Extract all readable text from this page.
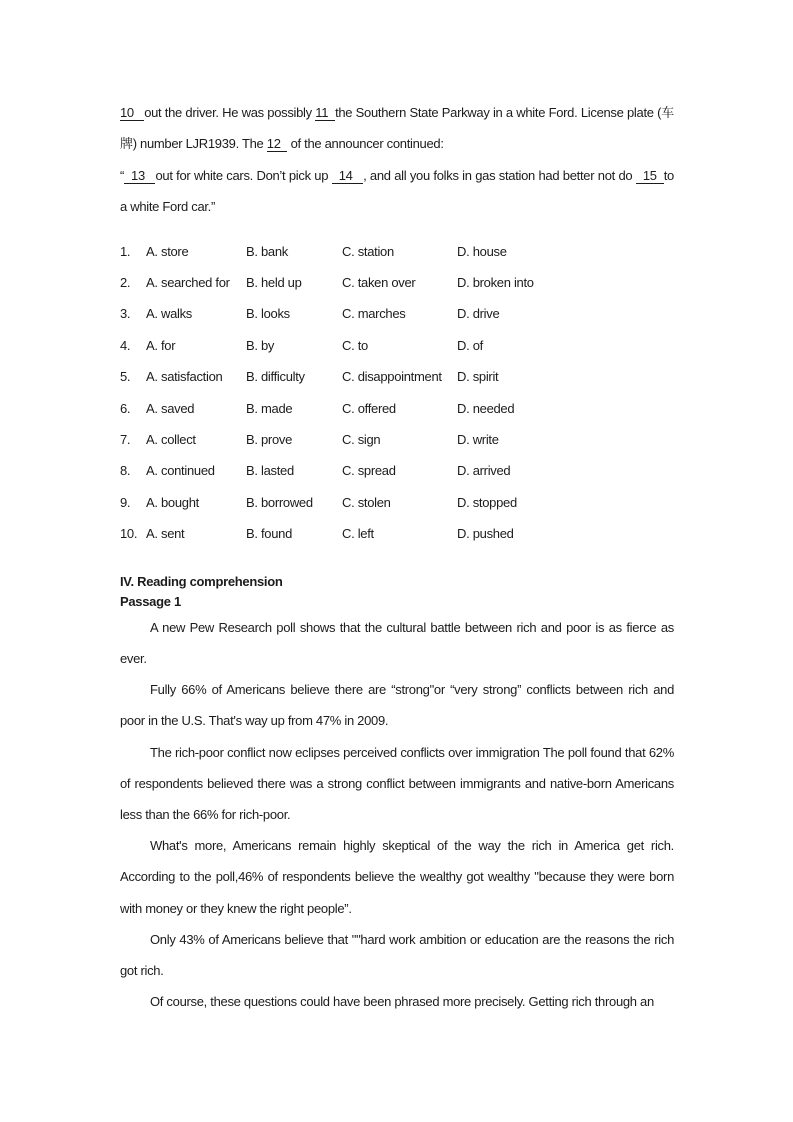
10   out the driver. He was possibly 11  the Southern State Parkway in a white Ford. License plate (车牌) number LJR1939. The 12   of the announcer continued:

“  13   out for white cars. Don’t pick up   14   , and all you folks in gas station had better not do   15  to a white Ford car.”

1.	A. store	B. bank	C. station	D. house
2.	A. searched for	B. held up	C. taken over	D. broken into
3.	A. walks	B. looks	C. marches	D. drive
4.	A. for	B. by	C. to	D. of
5.	A. satisfaction	B. difficulty	C. disappointment	D. spirit
6.	A. saved	B. made	C. offered	D. needed
7.	A. collect	B. prove	C. sign	D. write
8.	A. continued	B. lasted	C. spread	D. arrived
9.	A. bought	B. borrowed	C. stolen	D. stopped
10. A. sent	B. found	C. left	D. pushed
IV. Reading comprehension
Passage 1

A new Pew Research poll shows that the cultural battle between rich and poor is as fierce as ever.

Fully 66% of Americans believe there are “strong"or “very strong” conflicts between rich and poor in the U.S. That's way up from 47% in 2009.

The rich-poor conflict now eclipses perceived conflicts over immigration The poll found that 62% of respondents believed there was a strong conflict between immigrants and native-born Americans less than the 66% for rich-poor.

What's more, Americans remain highly skeptical of the way the rich in America get rich. According to the poll,46% of respondents believe the wealthy got wealthy "because they were born with money or they knew the right people”.

Only 43% of Americans believe that ""hard work ambition or education are the reasons the rich got rich.

Of course, these questions could have been phrased more precisely. Getting rich through an
